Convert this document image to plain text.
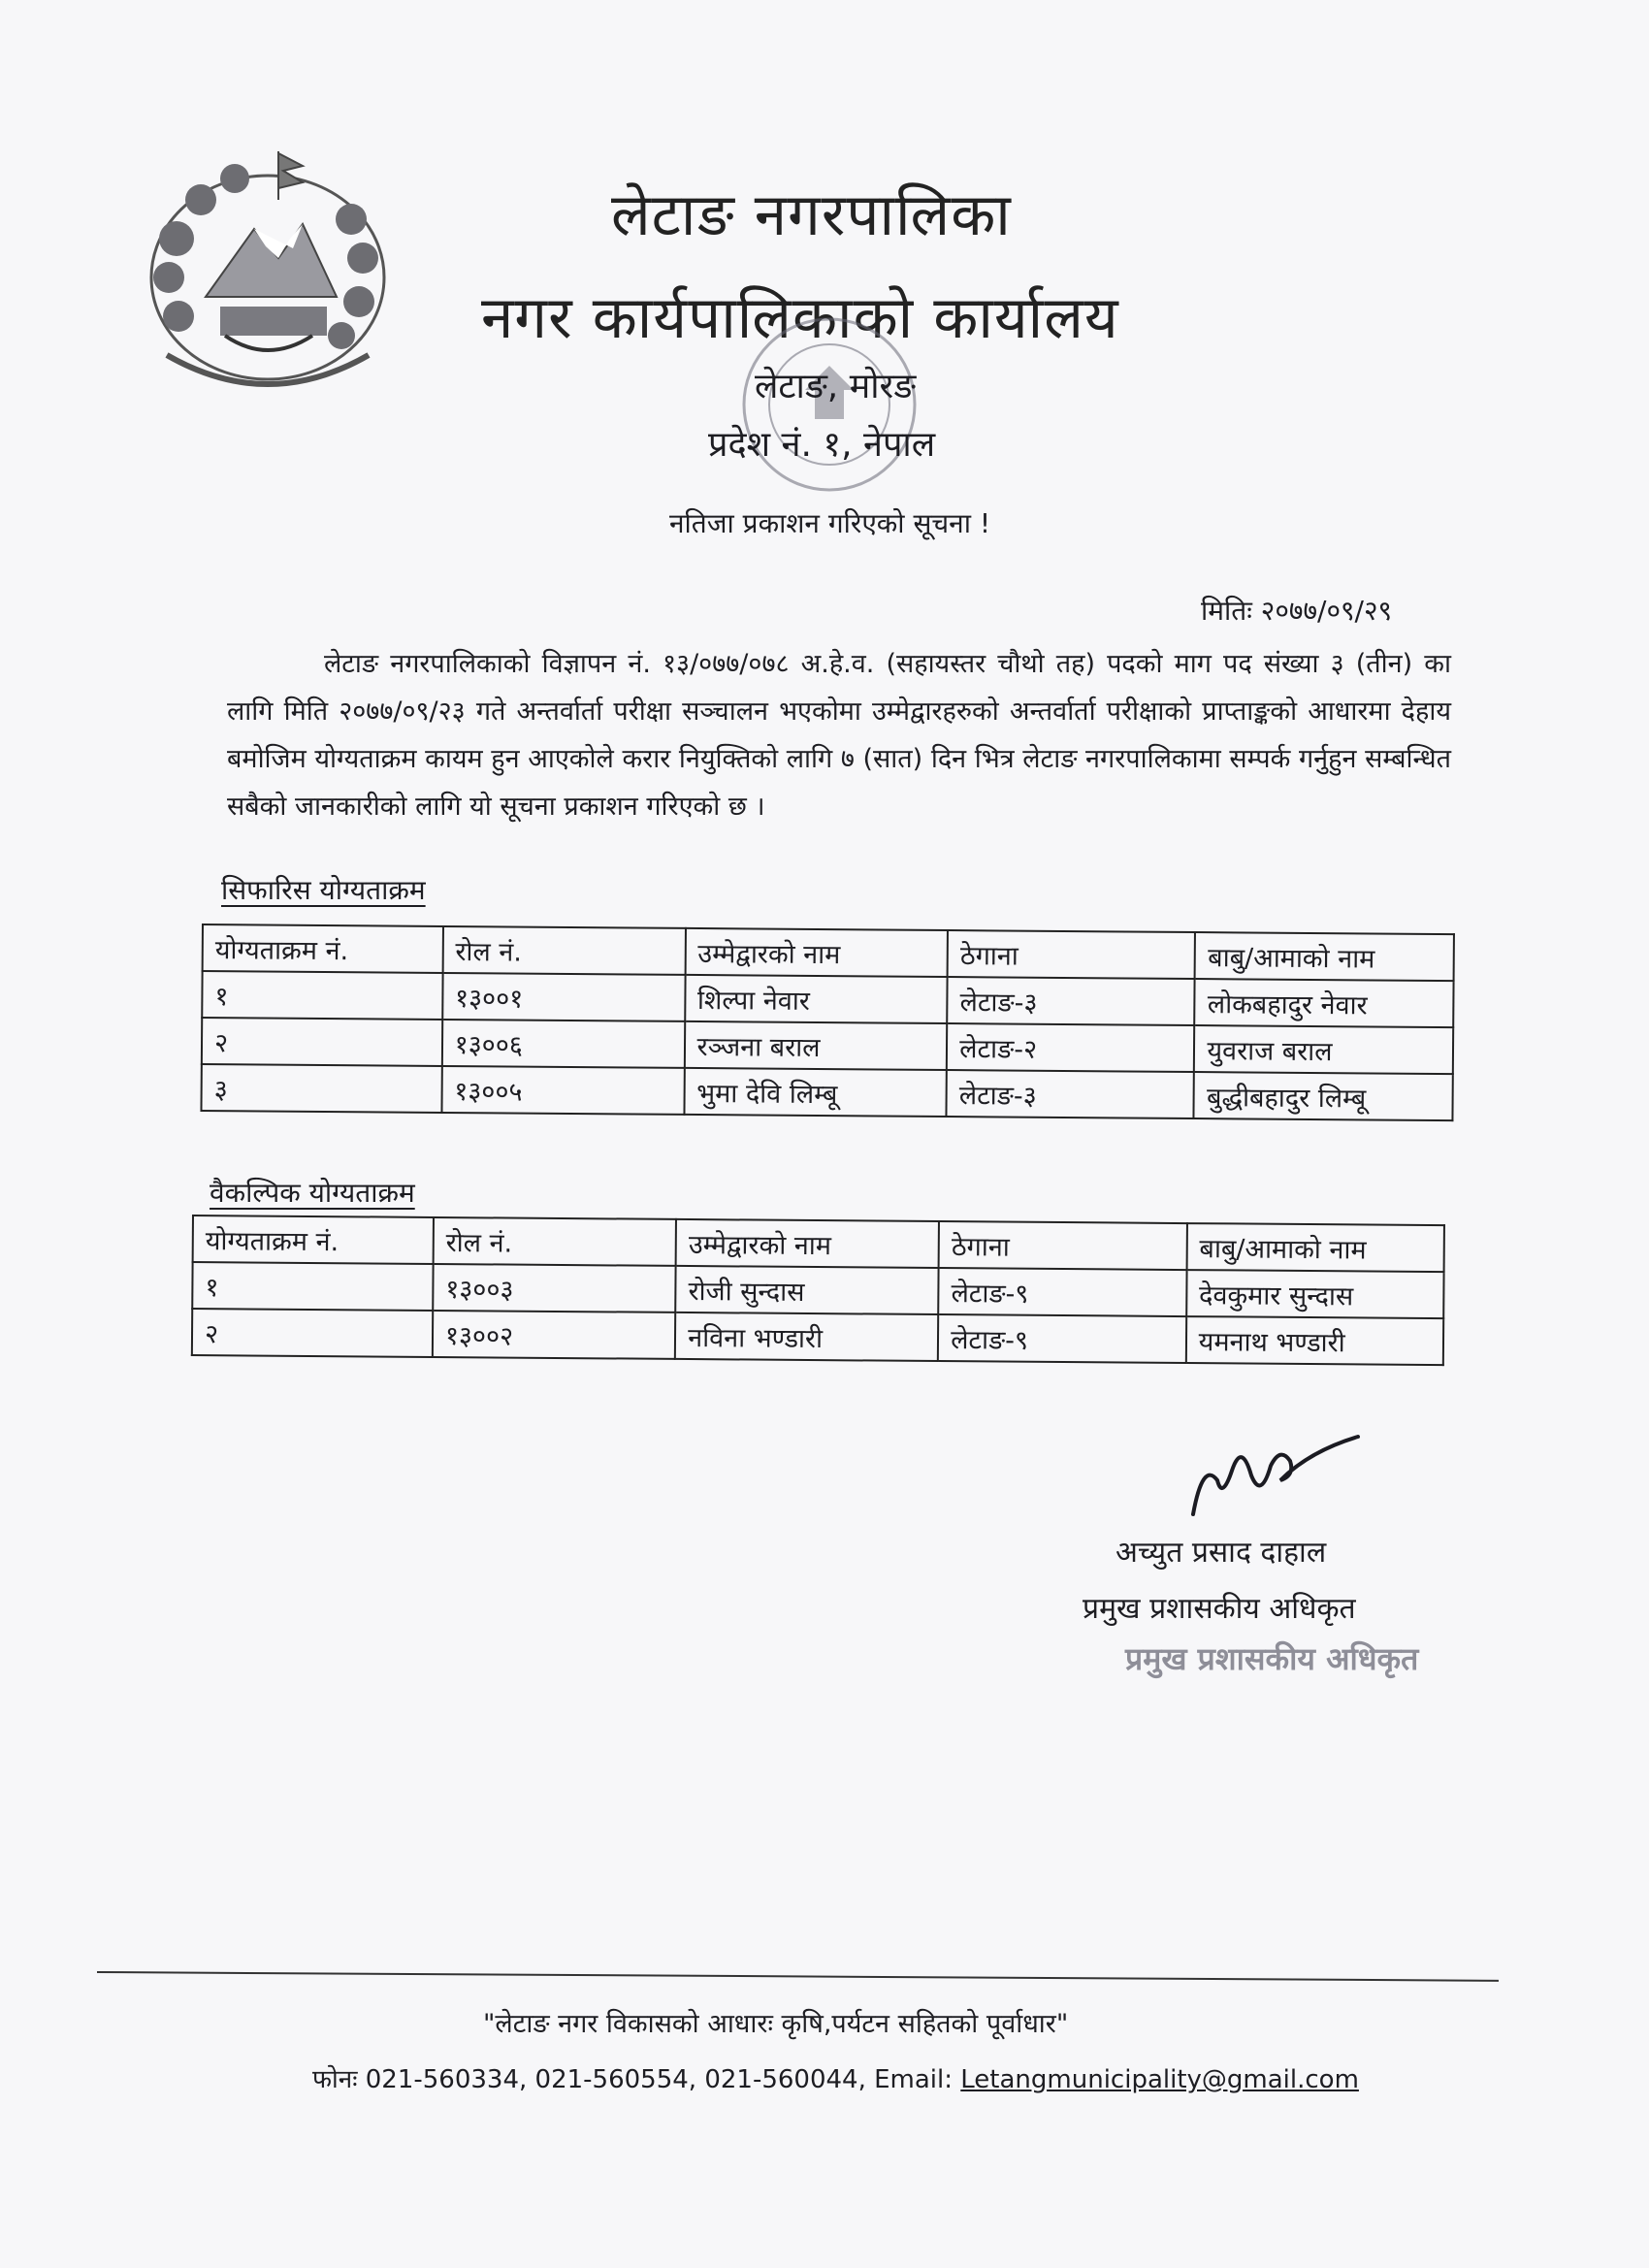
लेटाङ नगरपालिका
नगर कार्यपालिकाको कार्यालय
लेटाङ, मोरङ
प्रदेश नं. १, नेपाल
नतिजा प्रकाशन गरिएको सूचना !
मितिः २०७७/०९/२९
लेटाङ नगरपालिकाको विज्ञापन नं. १३/०७७/०७८ अ.हे.व. (सहायस्तर चौथो तह) पदको माग पद संख्या ३ (तीन) का लागि मिति २०७७/०९/२३ गते अन्तर्वार्ता परीक्षा सञ्चालन भएकोमा उम्मेद्वारहरुको अन्तर्वार्ता परीक्षाको प्राप्ताङ्कको आधारमा देहाय बमोजिम योग्यताक्रम कायम हुन आएकोले करार नियुक्तिको लागि ७ (सात) दिन भित्र लेटाङ नगरपालिकामा सम्पर्क गर्नुहुन सम्बन्धित सबैको जानकारीको लागि यो सूचना प्रकाशन गरिएको छ ।
सिफारिस योग्यताक्रम
योग्यताक्रम नं.	रोल नं.	उम्मेद्वारको नाम	ठेगाना	बाबु/आमाको नाम
१	१३००१	शिल्पा नेवार	लेटाङ-३	लोकबहादुर नेवार
२	१३००६	रञ्जना बराल	लेटाङ-२	युवराज बराल
३	१३००५	भुमा देवि लिम्बू	लेटाङ-३	बुद्धीबहादुर लिम्बू
वैकल्पिक योग्यताक्रम
योग्यताक्रम नं.	रोल नं.	उम्मेद्वारको नाम	ठेगाना	बाबु/आमाको नाम
१	१३००३	रोजी सुन्दास	लेटाङ-९	देवकुमार सुन्दास
२	१३००२	नविना भण्डारी	लेटाङ-९	यमनाथ भण्डारी
अच्युत प्रसाद दाहाल
प्रमुख प्रशासकीय अधिकृत
प्रमुख प्रशासकीय अधिकृत
"लेटाङ नगर विकासको आधारः कृषि,पर्यटन सहितको पूर्वाधार"
फोनः 021-560334, 021-560554, 021-560044, Email: Letangmunicipality@gmail.com
